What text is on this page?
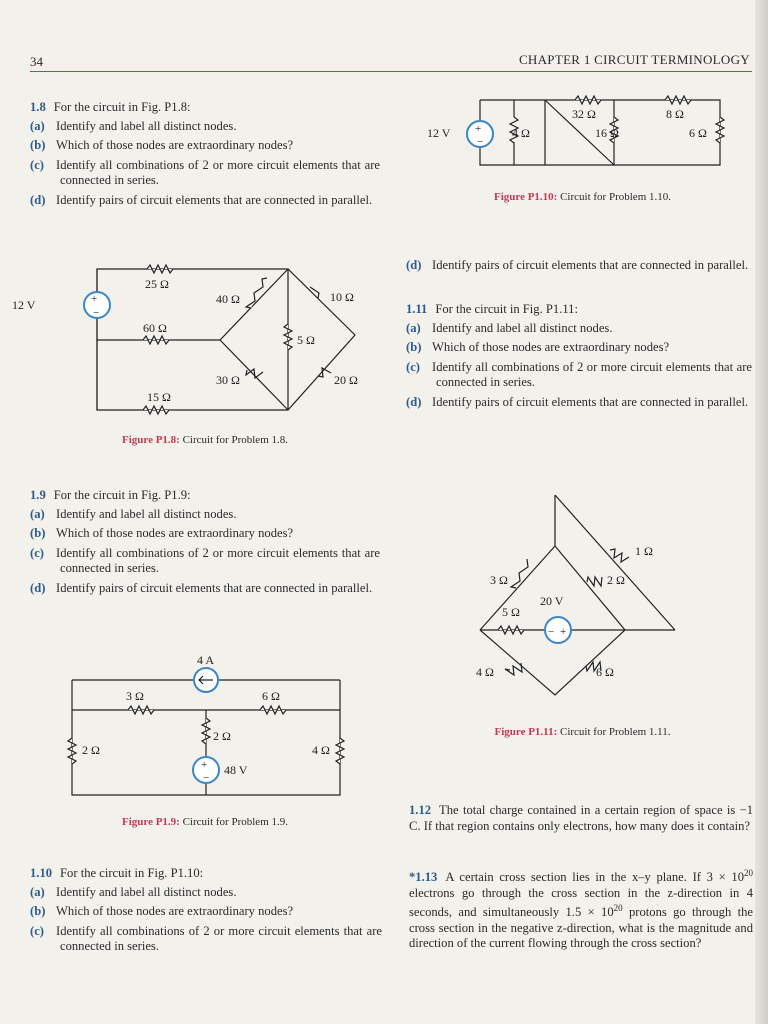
34	CHAPTER 1 CIRCUIT TERMINOLOGY

1.8 For the circuit in Fig. P1.8:

(a) Identify and label all distinct nodes.

(b) Which of those nodes are extraordinary nodes?

(c) Identify all combinations of 2 or more circuit elements that are connected in series.

(d) Identify pairs of circuit elements that are connected in parallel.

+
−
12 V
25 Ω
40 Ω	10 Ω
60 Ω
5 Ω
30 Ω	20 Ω
15 Ω
Figure P1.8: Circuit for Problem 1.8.

1.9 For the circuit in Fig. P1.9:

(a) Identify and label all distinct nodes.

(b) Which of those nodes are extraordinary nodes?

(c) Identify all combinations of 2 or more circuit elements that are connected in series.

(d) Identify pairs of circuit elements that are connected in parallel.

+
−
4 A
3 Ω	6 Ω
2 Ω
2 Ω	4 Ω
48 V
Figure P1.9: Circuit for Problem 1.9.

1.10 For the circuit in Fig. P1.10:

(a) Identify and label all distinct nodes.

(b) Which of those nodes are extraordinary nodes?

(c) Identify all combinations of 2 or more circuit elements that are connected in series.

+
−
12 V	4 Ω
32 Ω	8 Ω
16 Ω	6 Ω
Figure P1.10: Circuit for Problem 1.10.

(d) Identify pairs of circuit elements that are connected in parallel.

1.11 For the circuit in Fig. P1.11:

(a) Identify and label all distinct nodes.

(b) Which of those nodes are extraordinary nodes?

(c) Identify all combinations of 2 or more circuit elements that are connected in series.

(d) Identify pairs of circuit elements that are connected in parallel.

− +
1 Ω
3 Ω	2 Ω
20 V
5 Ω
4 Ω	6 Ω
Figure P1.11: Circuit for Problem 1.11.

1.12 The total charge contained in a certain region of space is −1 C. If that region contains only electrons, how many does it contain?

*1.13 A certain cross section lies in the x–y plane. If $3 \times 10^{20}$ electrons go through the cross section in the z-direction in 4 seconds, and simultaneously $1.5 \times 10^{20}$ protons go through the cross section in the negative z-direction, what is the magnitude and direction of the current flowing through the cross section?
